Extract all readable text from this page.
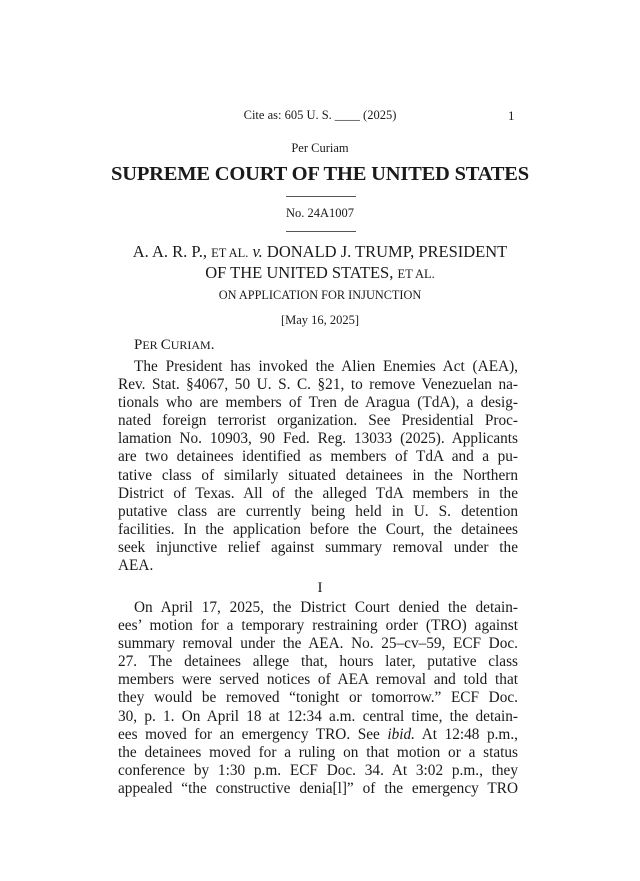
Cite as: 605 U. S. ____ (2025)	1
Per Curiam
SUPREME COURT OF THE UNITED STATES
No. 24A1007
A. A. R. P., ET AL. v. DONALD J. TRUMP, PRESIDENT
OF THE UNITED STATES, ET AL.
ON APPLICATION FOR INJUNCTION
[May 16, 2025]
PER CURIAM.
The President has invoked the Alien Enemies Act (AEA),
Rev. Stat. §4067, 50 U. S. C. §21, to remove Venezuelan na-
tionals who are members of Tren de Aragua (TdA), a desig-
nated foreign terrorist organization. See Presidential Proc-
lamation No. 10903, 90 Fed. Reg. 13033 (2025). Applicants
are two detainees identified as members of TdA and a pu-
tative class of similarly situated detainees in the Northern
District of Texas. All of the alleged TdA members in the
putative class are currently being held in U. S. detention
facilities. In the application before the Court, the detainees
seek injunctive relief against summary removal under the
AEA.
I
On April 17, 2025, the District Court denied the detain-
ees’ motion for a temporary restraining order (TRO) against
summary removal under the AEA. No. 25–cv–59, ECF Doc.
27. The detainees allege that, hours later, putative class
members were served notices of AEA removal and told that
they would be removed “tonight or tomorrow.” ECF Doc.
30, p. 1. On April 18 at 12:34 a.m. central time, the detain-
ees moved for an emergency TRO. See ibid. At 12:48 p.m.,
the detainees moved for a ruling on that motion or a status
conference by 1:30 p.m. ECF Doc. 34. At 3:02 p.m., they
appealed “the constructive denia[l]” of the emergency TRO
